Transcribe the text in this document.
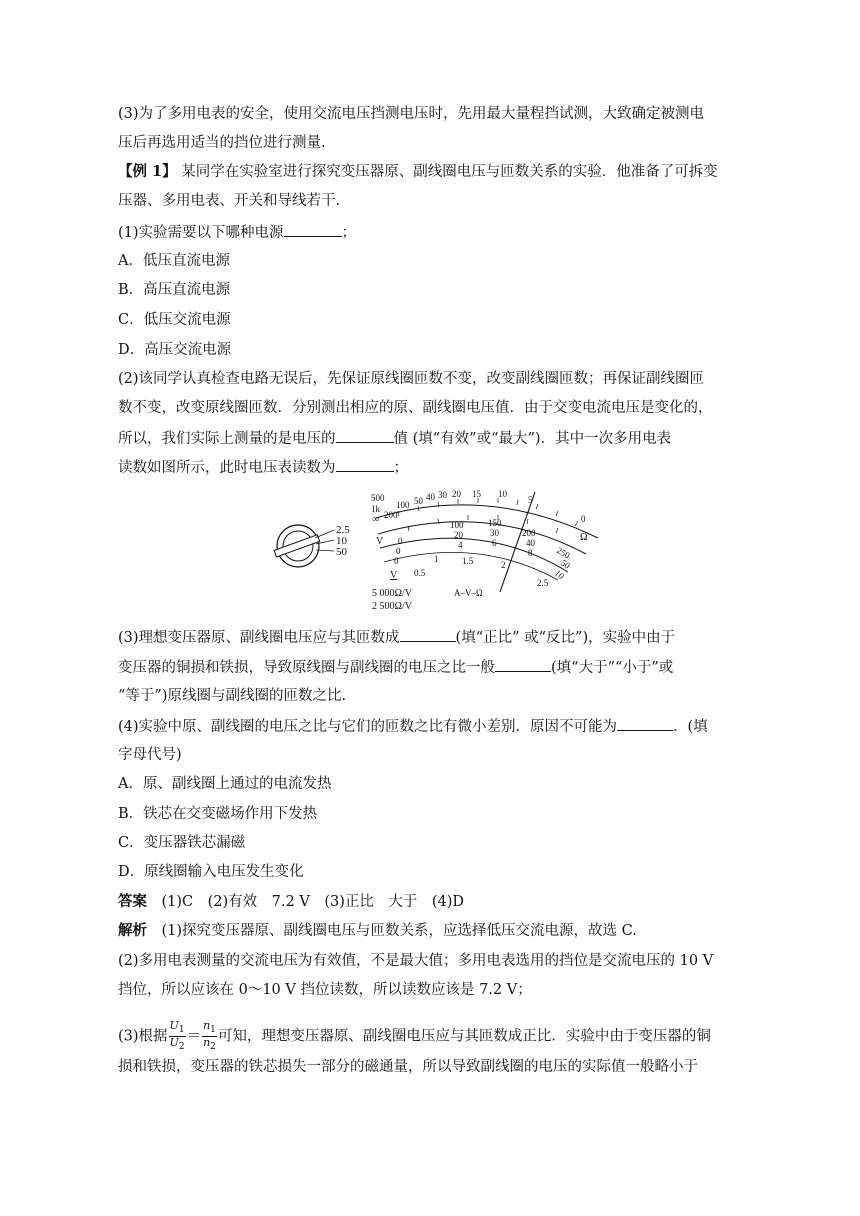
(3)为了多用电表的安全，使用交流电压挡测电压时，先用最大量程挡试测，大致确定被测电
压后再选用适当的挡位进行测量.
【例 1】 某同学在实验室进行探究变压器原、副线圈电压与匝数关系的实验．他准备了可拆变
压器、多用电表、开关和导线若干.
(1)实验需要以下哪种电源	；
A．低压直流电源
B．高压直流电源
C．低压交流电源
D．高压交流电源
(2)该同学认真检查电路无误后，先保证原线圈匝数不变，改变副线圈匝数；再保证副线圈匝
数不变，改变原线圈匝数．分别测出相应的原、副线圈电压值．由于交变电流电压是变化的，
所以，我们实际上测量的是电压的	值 (填“有效”或“最大”)．其中一次多用电表
读数如图所示，此时电压表读数为	；
2.5
10
50
500
1k
∞ 200
100 50 40 30 20 15 10
5
0
Ω
100	150
200
250
20	30
40
50
4	6
8
10
V 0
0
0
0.5
1	1.5	2
2.5
V
5 000Ω/V
2 500Ω/V
A–V–Ω
(3)理想变压器原、副线圈电压应与其匝数成	(填“正比” 或“反比”)，实验中由于
变压器的铜损和铁损，导致原线圈与副线圈的电压之比一般	(填“大于”“小于”或
“等于”)原线圈与副线圈的匝数之比.
(4)实验中原、副线圈的电压之比与它们的匝数之比有微小差别．原因不可能为	．(填
字母代号)
A．原、副线圈上通过的电流发热
B．铁芯在交变磁场作用下发热
C．变压器铁芯漏磁
D．原线圈输入电压发生变化
答案　 (1)C　(2)有效　7.2 V　(3)正比　大于　(4)D
解析　 (1)探究变压器原、副线圈电压与匝数关系，应选择低压交流电源，故选 C.
(2)多用电表测量的交流电压为有效值，不是最大值；多用电表选用的挡位是交流电压的 10 V
挡位，所以应该在 0～10 V 挡位读数，所以读数应该是 7.2 V；
(3)根据 $\frac{U_1}{U_2} = \frac{n_1}{n_2}$ 可知，理想变压器原、副线圈电压应与其匝数成正比．实验中由于变压器的铜
损和铁损，变压器的铁芯损失一部分的磁通量，所以导致副线圈的电压的实际值一般略小于
